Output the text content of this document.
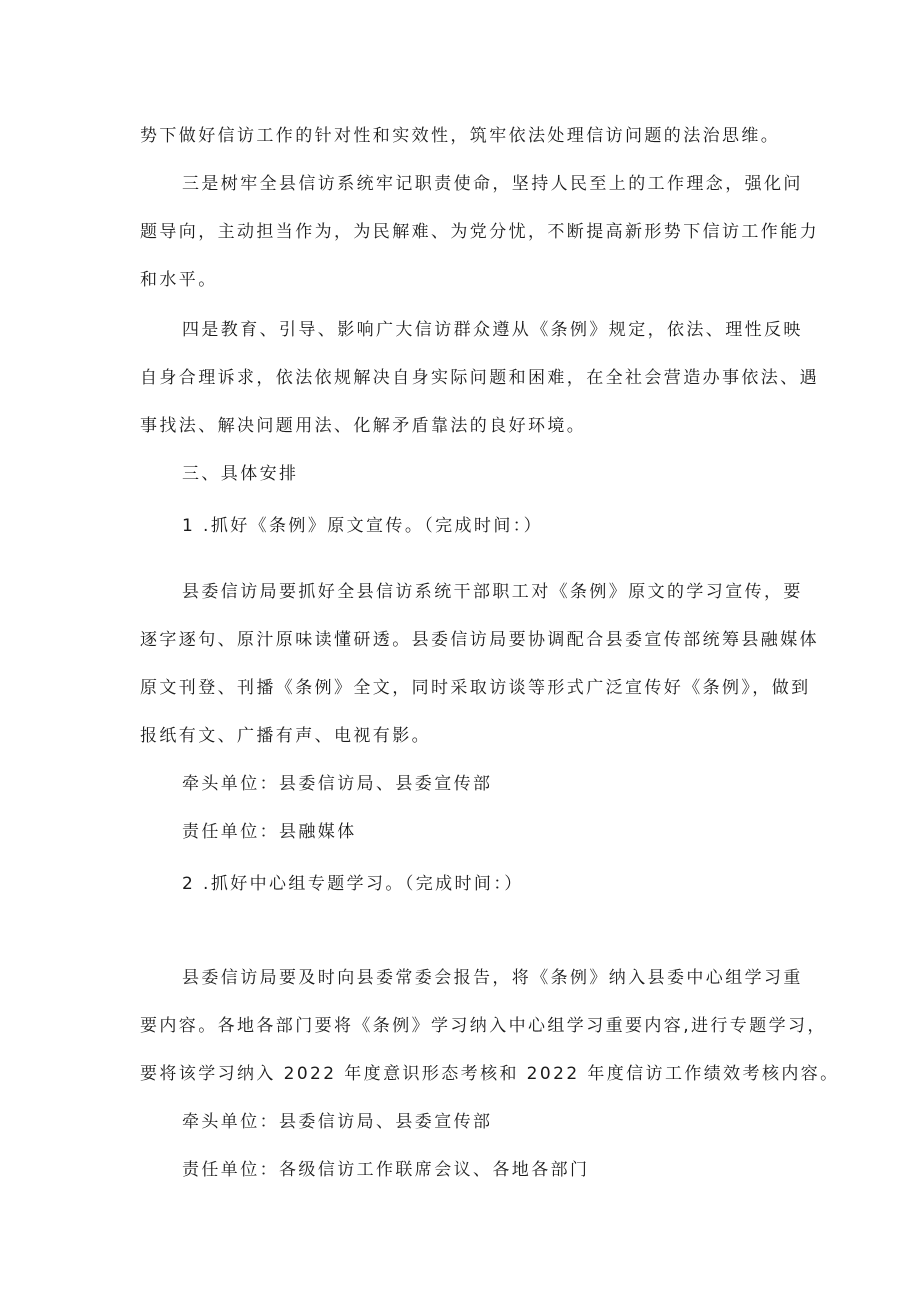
势下做好信访工作的针对性和实效性，筑牢依法处理信访问题的法治思维。
三是树牢全县信访系统牢记职责使命，坚持人民至上的工作理念，强化问
题导向，主动担当作为，为民解难、为党分忧，不断提高新形势下信访工作能力
和水平。
四是教育、引导、影响广大信访群众遵从《条例》规定，依法、理性反映
自身合理诉求，依法依规解决自身实际问题和困难，在全社会营造办事依法、遇
事找法、解决问题用法、化解矛盾靠法的良好环境。
三、具体安排
1 .抓好《条例》原文宣传。（完成时间：）
县委信访局要抓好全县信访系统干部职工对《条例》原文的学习宣传，要
逐字逐句、原汁原味读懂研透。县委信访局要协调配合县委宣传部统筹县融媒体
原文刊登、刊播《条例》全文，同时采取访谈等形式广泛宣传好《条例》，做到
报纸有文、广播有声、电视有影。
牵头单位：县委信访局、县委宣传部
责任单位：县融媒体
2 .抓好中心组专题学习。（完成时间：）
县委信访局要及时向县委常委会报告，将《条例》纳入县委中心组学习重
要内容。各地各部门要将《条例》学习纳入中心组学习重要内容,进行专题学习，
要将该学习纳入 2022 年度意识形态考核和 2022 年度信访工作绩效考核内容。
牵头单位：县委信访局、县委宣传部
责任单位：各级信访工作联席会议、各地各部门
